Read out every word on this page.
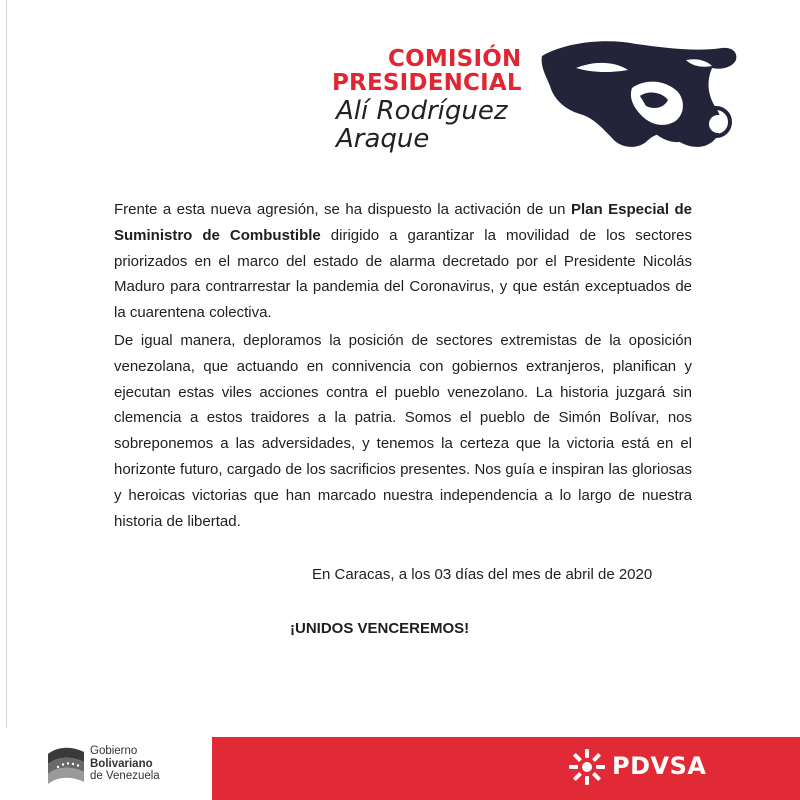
COMISIÓN
PRESIDENCIAL
Alí Rodríguez
Araque

Frente a esta nueva agresión, se ha dispuesto la activación de un Plan Especial de Suministro de Combustible dirigido a garantizar la movilidad de los sectores priorizados en el marco del estado de alarma decretado por el Presidente Nicolás Maduro para contrarrestar la pandemia del Coronavirus, y que están exceptuados de la cuarentena colectiva.

De igual manera, deploramos la posición de sectores extremistas de la oposición venezolana, que actuando en connivencia con gobiernos extranjeros, planifican y ejecutan estas viles acciones contra el pueblo venezolano. La historia juzgará sin clemencia a estos traidores a la patria. Somos el pueblo de Simón Bolívar, nos sobreponemos a las adversidades, y tenemos la certeza que la victoria está en el horizonte futuro, cargado de los sacrificios presentes. Nos guía e inspiran las gloriosas y heroicas victorias que han marcado nuestra independencia a lo largo de nuestra historia de libertad.

En Caracas, a los 03 días del mes de abril de 2020
¡UNIDOS VENCEREMOS!
Gobierno
Bolivariano
de Venezuela	PDVSA
